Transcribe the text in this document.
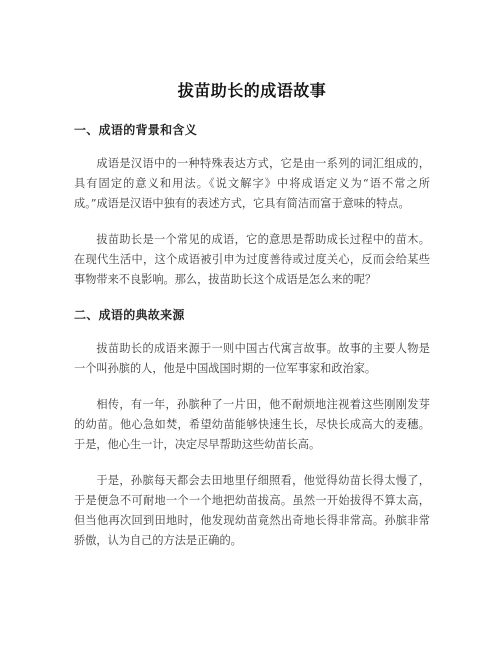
拔苗助长的成语故事
一、成语的背景和含义

成语是汉语中的一种特殊表达方式，它是由一系列的词汇组成的，具有固定的意义和用法。《说文解字》中将成语定义为“语不常之所成。”成语是汉语中独有的表述方式，它具有简洁而富于意味的特点。

拔苗助长是一个常见的成语，它的意思是帮助成长过程中的苗木。在现代生活中，这个成语被引申为过度善待或过度关心，反而会给某些事物带来不良影响。那么，拔苗助长这个成语是怎么来的呢？

二、成语的典故来源

拔苗助长的成语来源于一则中国古代寓言故事。故事的主要人物是一个叫孙膑的人，他是中国战国时期的一位军事家和政治家。

相传，有一年，孙膑种了一片田，他不耐烦地注视着这些刚刚发芽的幼苗。他心急如焚，希望幼苗能够快速生长，尽快长成高大的麦穗。于是，他心生一计，决定尽早帮助这些幼苗长高。

于是，孙膑每天都会去田地里仔细照看，他觉得幼苗长得太慢了，于是便急不可耐地一个一个地把幼苗拔高。虽然一开始拔得不算太高，但当他再次回到田地时，他发现幼苗竟然出奇地长得非常高。孙膑非常骄傲，认为自己的方法是正确的。
